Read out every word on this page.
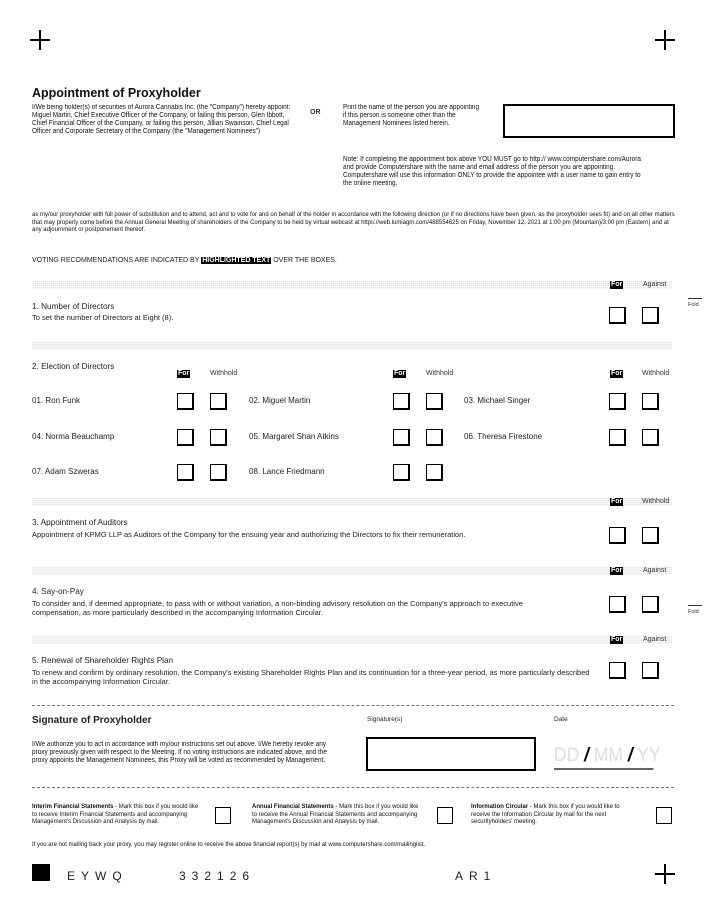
Appointment of Proxyholder
I/We being holder(s) of securities of Aurora Cannabis Inc. (the "Company") hereby appoint: Miguel Martin, Chief Executive Officer of the Company, or failing this person, Glen Ibbott, Chief Financial Officer of the Company, or failing this person, Jillian Swainson, Chief Legal Officer and Corporate Secretary of the Company (the "Management Nominees")
OR
Print the name of the person you are appointing if this person is someone other than the Management Nominees listed herein.
Note: If completing the appointment box above YOU MUST go to http:// www.computershare.com/Aurora and provide Computershare with the name and email address of the person you are appointing. Computershare will use this information ONLY to provide the appointee with a user name to gain entry to the online meeting.
as my/our proxyholder with full power of substitution and to attend, act and to vote for and on behalf of the holder in accordance with the following direction (or if no directions have been given, as the proxyholder sees fit) and on all other matters that may properly come before the Annual General Meeting of shareholders of the Company to be held by virtual webcast at https://web.lumiagm.com/488554625 on Friday, November 12, 2021 at 1:00 pm (Mountain)/3:00 pm (Eastern) and at any adjournment or postponement thereof.
VOTING RECOMMENDATIONS ARE INDICATED BY HIGHLIGHTED TEXT OVER THE BOXES.
For	Against
1. Number of Directors
To set the number of Directors at Eight (8).
Fold
2. Election of Directors
For	Withhold	For	Withhold	For	Withhold
01. Ron Funk	02. Miguel Martin	03. Michael Singer
04. Norma Beauchamp	05. Margaret Shan Atkins	06. Theresa Firestone
07. Adam Szweras	08. Lance Friedmann
For	Withhold
3. Appointment of Auditors
Appointment of KPMG LLP as Auditors of the Company for the ensuing year and authorizing the Directors to fix their remuneration.
For	Against
4. Say-on-Pay
To consider and, if deemed appropriate, to pass with or without variation, a non-binding advisory resolution on the Company's approach to executive compensation, as more particularly described in the accompanying Information Circular.	Fold
For	Against
5. Renewal of Shareholder Rights Plan
To renew and confirm by ordinary resolution, the Company's existing Shareholder Rights Plan and its continuation for a three-year period, as more particularly described in the accompanying Information Circular.
Signature of Proxyholder	Signature(s)	Date
I/We authorize you to act in accordance with my/our instructions set out above. I/We hereby revoke any proxy previously given with respect to the Meeting. If no voting instructions are indicated above, and the proxy appoints the Management Nominees, this Proxy will be voted as recommended by Management.	DD / MM / YY
Interim Financial Statements - Mark this box if you would like to receive Interim Financial Statements and accompanying Management's Discussion and Analysis by mail.
Annual Financial Statements - Mark this box if you would like to receive the Annual Financial Statements and accompanying Management's Discussion and Analysis by mail.
Information Circular - Mark this box if you would like to receive the Information Circular by mail for the next securityholders' meeting.
If you are not mailing back your proxy, you may register online to receive the above financial report(s) by mail at www.computershare.com/mailinglist.
EYWQ	332126	AR1
